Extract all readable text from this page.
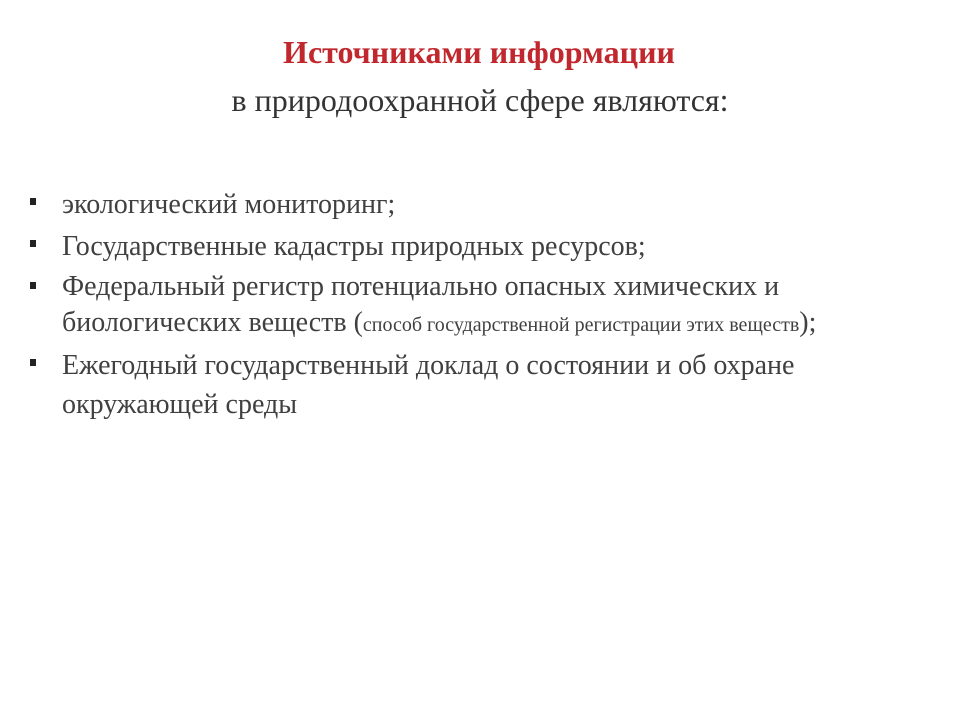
Источниками информации
в природоохранной сфере являются:
экологический мониторинг;
Государственные кадастры природных ресурсов;
Федеральный регистр потенциально опасных химических и биологических веществ (способ государственной регистрации этих веществ);
Ежегодный государственный доклад о состоянии и об охране окружающей среды
